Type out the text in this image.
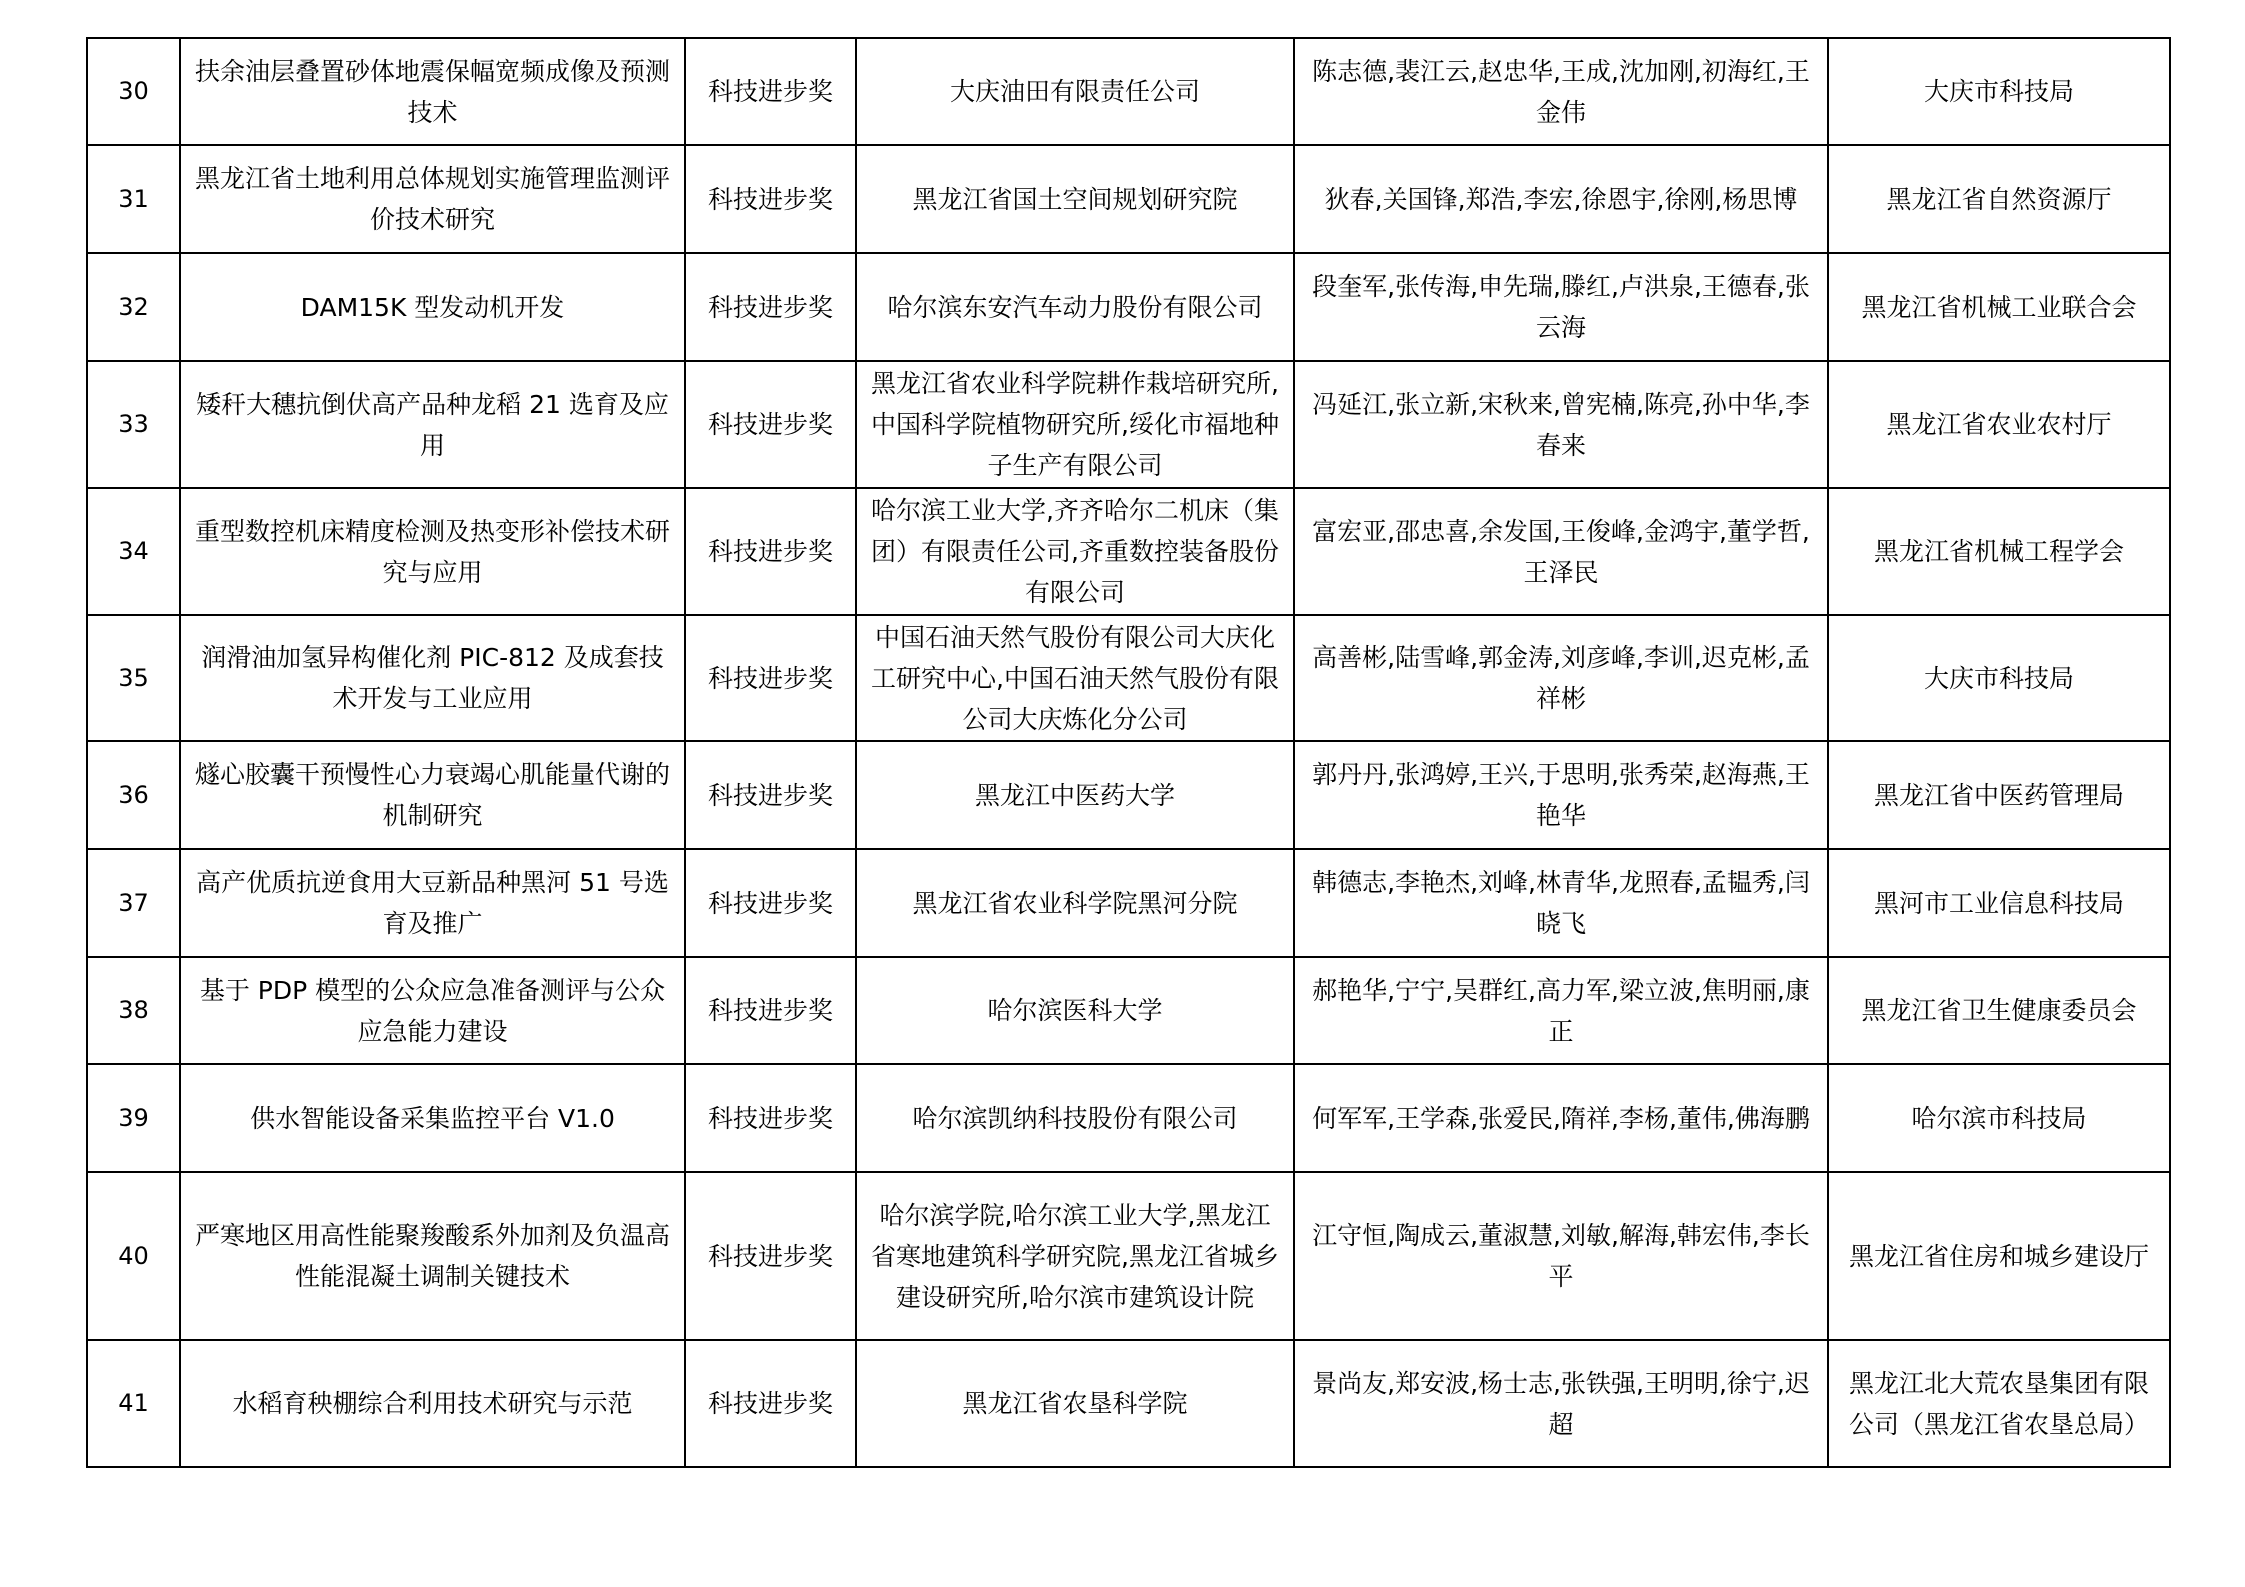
30	扶余油层叠置砂体地震保幅宽频成像及预测技术	科技进步奖	大庆油田有限责任公司	陈志德,裴江云,赵忠华,王成,沈加刚,初海红,王金伟	大庆市科技局
31	黑龙江省土地利用总体规划实施管理监测评价技术研究	科技进步奖	黑龙江省国土空间规划研究院	狄春,关国锋,郑浩,李宏,徐恩宇,徐刚,杨思博	黑龙江省自然资源厅
32	DAM15K 型发动机开发	科技进步奖	哈尔滨东安汽车动力股份有限公司	段奎军,张传海,申先瑞,滕红,卢洪泉,王德春,张云海	黑龙江省机械工业联合会
33	矮秆大穗抗倒伏高产品种龙稻 21 选育及应用	科技进步奖	黑龙江省农业科学院耕作栽培研究所,中国科学院植物研究所,绥化市福地种子生产有限公司	冯延江,张立新,宋秋来,曾宪楠,陈亮,孙中华,李春来	黑龙江省农业农村厅
34	重型数控机床精度检测及热变形补偿技术研究与应用	科技进步奖	哈尔滨工业大学,齐齐哈尔二机床（集团）有限责任公司,齐重数控装备股份有限公司	富宏亚,邵忠喜,余发国,王俊峰,金鸿宇,董学哲,王泽民	黑龙江省机械工程学会
35	润滑油加氢异构催化剂 PIC-812 及成套技术开发与工业应用	科技进步奖	中国石油天然气股份有限公司大庆化工研究中心,中国石油天然气股份有限公司大庆炼化分公司	高善彬,陆雪峰,郭金涛,刘彦峰,李训,迟克彬,孟祥彬	大庆市科技局
36	燧心胶囊干预慢性心力衰竭心肌能量代谢的机制研究	科技进步奖	黑龙江中医药大学	郭丹丹,张鸿婷,王兴,于思明,张秀荣,赵海燕,王艳华	黑龙江省中医药管理局
37	高产优质抗逆食用大豆新品种黑河 51 号选育及推广	科技进步奖	黑龙江省农业科学院黑河分院	韩德志,李艳杰,刘峰,林青华,龙照春,孟韫秀,闫晓飞	黑河市工业信息科技局
38	基于 PDP 模型的公众应急准备测评与公众应急能力建设	科技进步奖	哈尔滨医科大学	郝艳华,宁宁,吴群红,高力军,梁立波,焦明丽,康正	黑龙江省卫生健康委员会
39	供水智能设备采集监控平台 V1.0	科技进步奖	哈尔滨凯纳科技股份有限公司	何军军,王学森,张爱民,隋祥,李杨,董伟,佛海鹏	哈尔滨市科技局
40	严寒地区用高性能聚羧酸系外加剂及负温高性能混凝土调制关键技术	科技进步奖	哈尔滨学院,哈尔滨工业大学,黑龙江省寒地建筑科学研究院,黑龙江省城乡建设研究所,哈尔滨市建筑设计院	江守恒,陶成云,董淑慧,刘敏,解海,韩宏伟,李长平	黑龙江省住房和城乡建设厅
41	水稻育秧棚综合利用技术研究与示范	科技进步奖	黑龙江省农垦科学院	景尚友,郑安波,杨士志,张铁强,王明明,徐宁,迟超	黑龙江北大荒农垦集团有限公司（黑龙江省农垦总局）
